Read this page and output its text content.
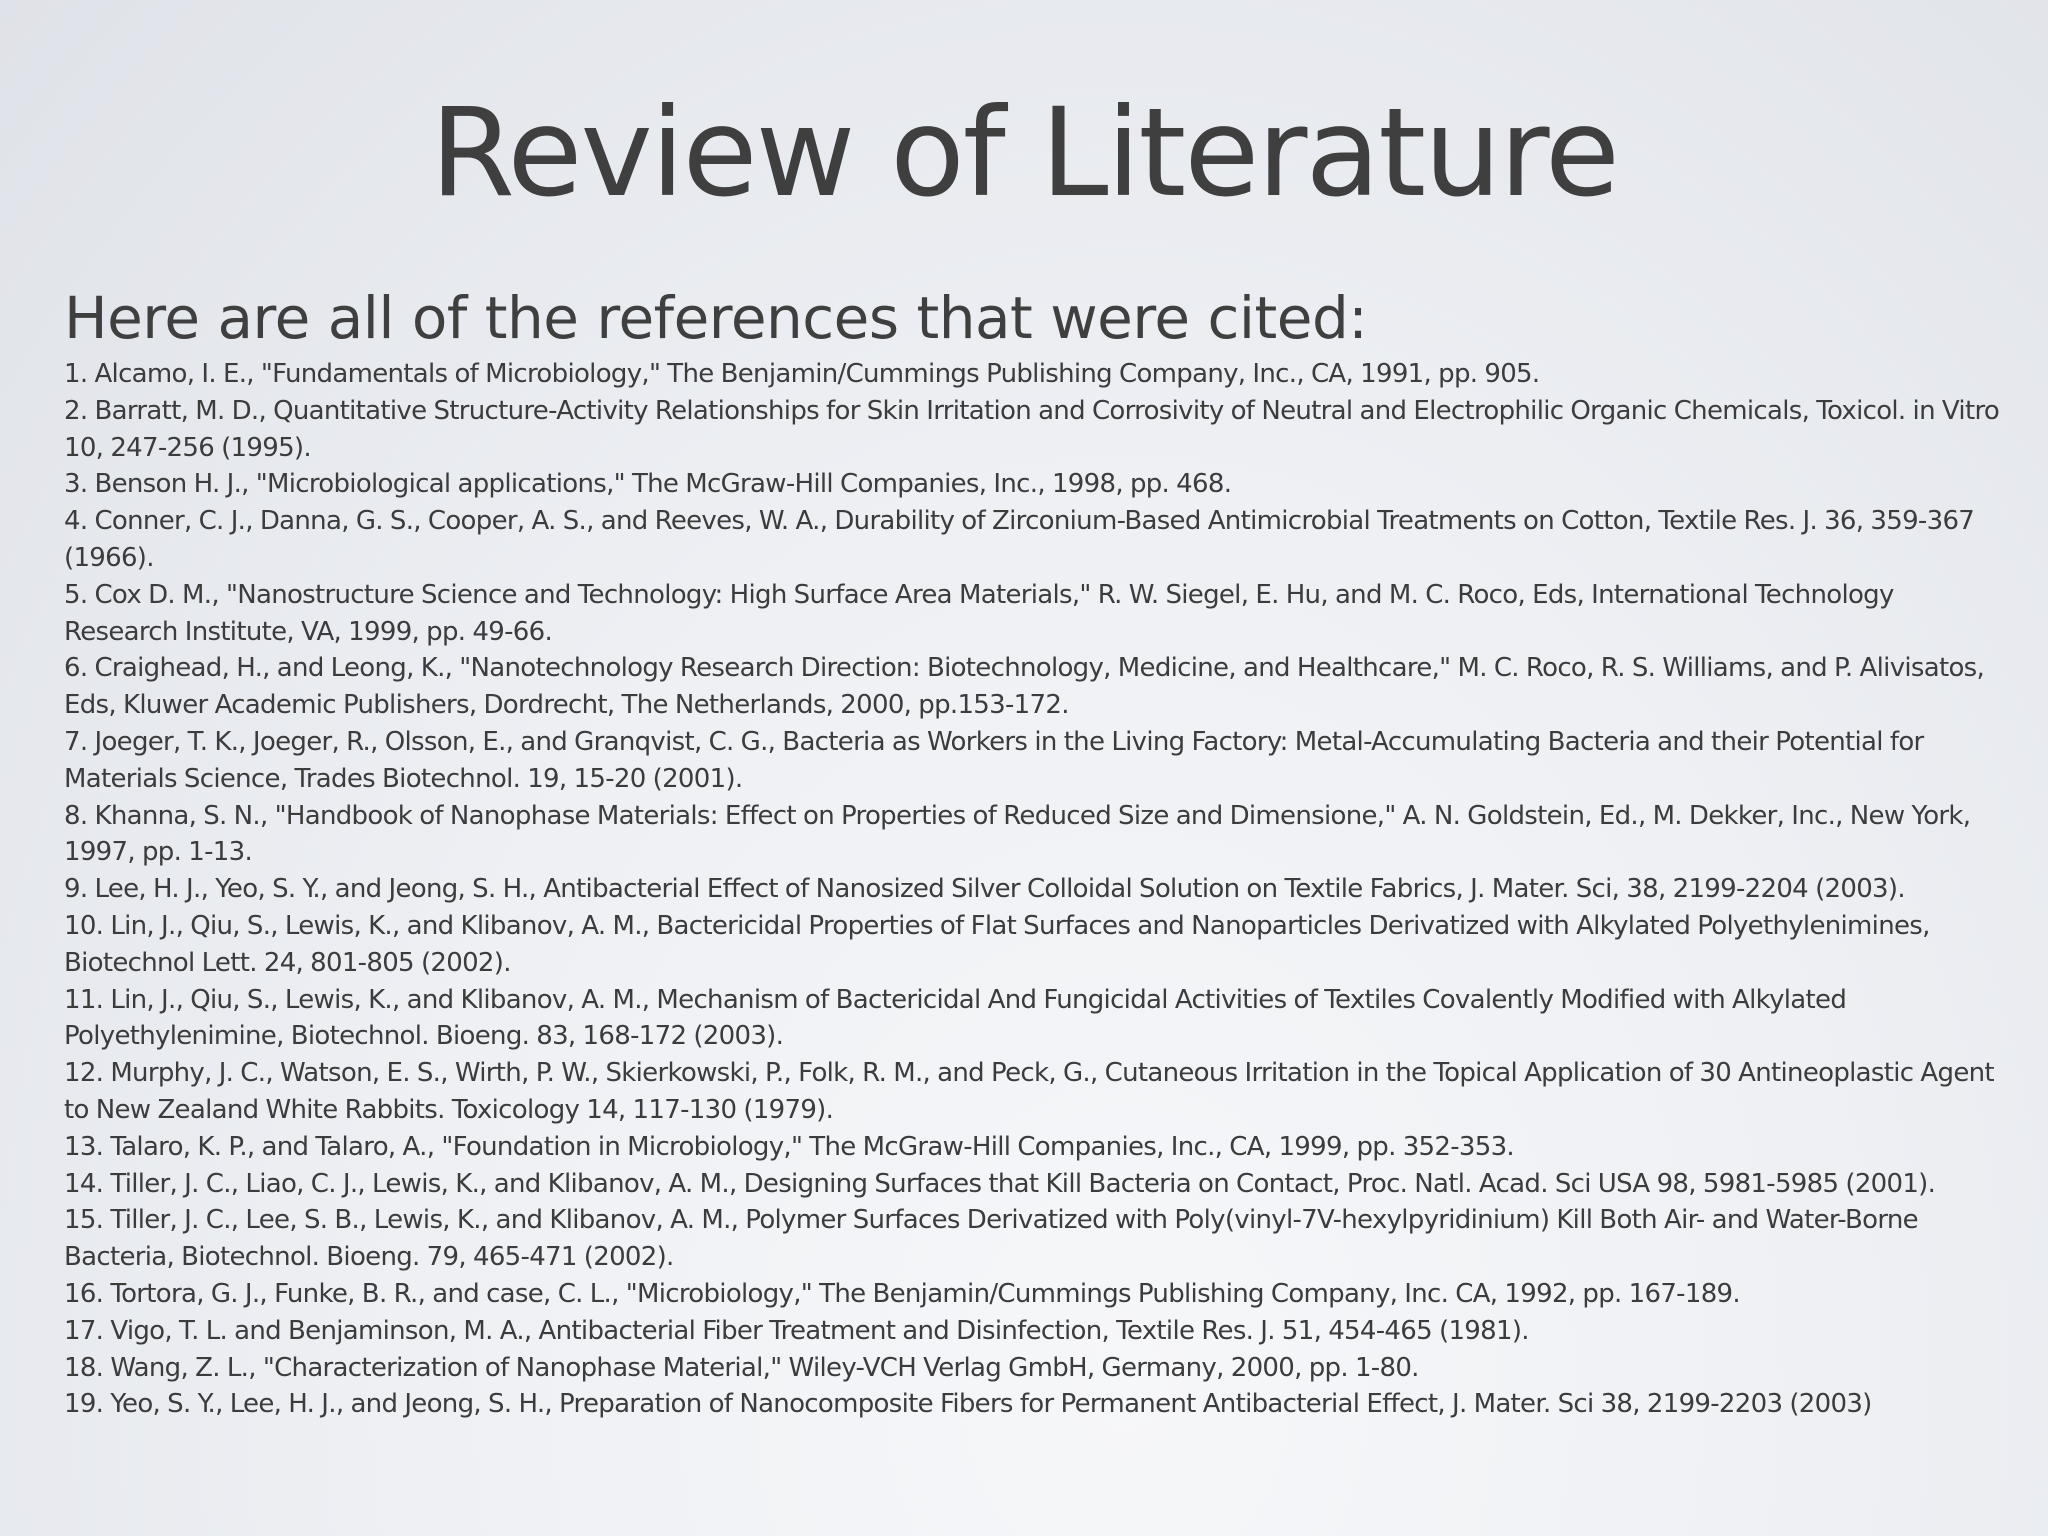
Review of Literature
Here are all of the references that were cited:
1. Alcamo, I. E., "Fundamentals of Microbiology," The Benjamin/Cummings Publishing Company, Inc., CA, 1991, pp. 905.
2. Barratt, M. D., Quantitative Structure-Activity Relationships for Skin Irritation and Corrosivity of Neutral and Electrophilic Organic Chemicals, Toxicol. in Vitro 10, 247-256 (1995).
3. Benson H. J., "Microbiological applications," The McGraw-Hill Companies, Inc., 1998, pp. 468.
4. Conner, C. J., Danna, G. S., Cooper, A. S., and Reeves, W. A., Durability of Zirconium-Based Antimicrobial Treatments on Cotton, Textile Res. J. 36, 359-367 (1966).
5. Cox D. M., "Nanostructure Science and Technology: High Surface Area Materials," R. W. Siegel, E. Hu, and M. C. Roco, Eds, International Technology Research Institute, VA, 1999, pp. 49-66.
6. Craighead, H., and Leong, K., "Nanotechnology Research Direction: Biotechnology, Medicine, and Healthcare," M. C. Roco, R. S. Williams, and P. Alivisatos, Eds, Kluwer Academic Publishers, Dordrecht, The Netherlands, 2000, pp.153-172.
7. Joeger, T. K., Joeger, R., Olsson, E., and Granqvist, C. G., Bacteria as Workers in the Living Factory: Metal-Accumulating Bacteria and their Potential for Materials Science, Trades Biotechnol. 19, 15-20 (2001).
8. Khanna, S. N., "Handbook of Nanophase Materials: Effect on Properties of Reduced Size and Dimensione," A. N. Goldstein, Ed., M. Dekker, Inc., New York, 1997, pp. 1-13.
9. Lee, H. J., Yeo, S. Y., and Jeong, S. H., Antibacterial Effect of Nanosized Silver Colloidal Solution on Textile Fabrics, J. Mater. Sci, 38, 2199-2204 (2003).
10. Lin, J., Qiu, S., Lewis, K., and Klibanov, A. M., Bactericidal Properties of Flat Surfaces and Nanoparticles Derivatized with Alkylated Polyethylenimines, Biotechnol Lett. 24, 801-805 (2002).
11. Lin, J., Qiu, S., Lewis, K., and Klibanov, A. M., Mechanism of Bactericidal And Fungicidal Activities of Textiles Covalently Modified with Alkylated Polyethylenimine, Biotechnol. Bioeng. 83, 168-172 (2003).
12. Murphy, J. C., Watson, E. S., Wirth, P. W., Skierkowski, P., Folk, R. M., and Peck, G., Cutaneous Irritation in the Topical Application of 30 Antineoplastic Agent to New Zealand White Rabbits. Toxicology 14, 117-130 (1979).
13. Talaro, K. P., and Talaro, A., "Foundation in Microbiology," The McGraw-Hill Companies, Inc., CA, 1999, pp. 352-353.
14. Tiller, J. C., Liao, C. J., Lewis, K., and Klibanov, A. M., Designing Surfaces that Kill Bacteria on Contact, Proc. Natl. Acad. Sci USA 98, 5981-5985 (2001).
15. Tiller, J. C., Lee, S. B., Lewis, K., and Klibanov, A. M., Polymer Surfaces Derivatized with Poly(vinyl-7V-hexylpyridinium) Kill Both Air- and Water-Borne Bacteria, Biotechnol. Bioeng. 79, 465-471 (2002).
16. Tortora, G. J., Funke, B. R., and case, C. L., "Microbiology," The Benjamin/Cummings Publishing Company, Inc. CA, 1992, pp. 167-189.
17. Vigo, T. L. and Benjaminson, M. A., Antibacterial Fiber Treatment and Disinfection, Textile Res. J. 51, 454-465 (1981).
18. Wang, Z. L., "Characterization of Nanophase Material," Wiley-VCH Verlag GmbH, Germany, 2000, pp. 1-80.
19. Yeo, S. Y., Lee, H. J., and Jeong, S. H., Preparation of Nanocomposite Fibers for Permanent Antibacterial Effect, J. Mater. Sci 38, 2199-2203 (2003)
